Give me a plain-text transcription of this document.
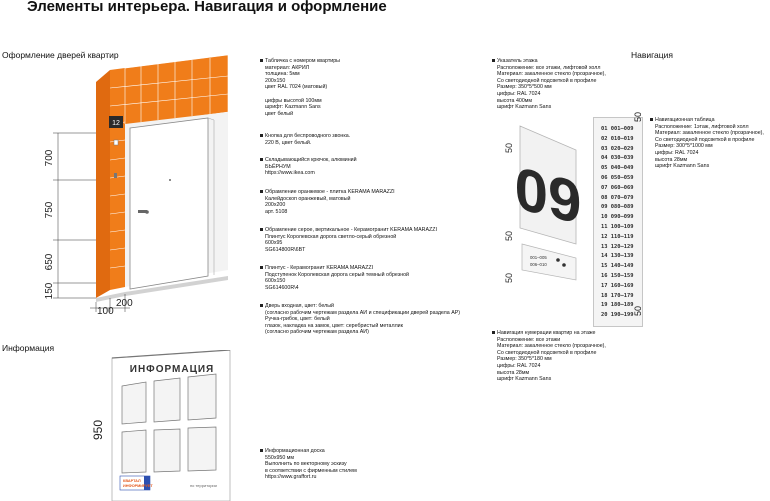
Элементы интерьера. Навигация и оформление
Оформление дверей квартир
Информация
Навигация
12
700
750
650
150
200
100
ИНФОРМАЦИЯ
по территории
КВАРТАЛ
ИНФОРМИРУЕТ
950
09
001–005
006–010
50
50
50
01 001–009
02 010–019
03 020–029
04 030–039
05 040–049
06 050–059
07 060–069
08 070–079
09 080–089
10 090–099
11 100–109
12 110–119
13 120–129
14 130–139
15 140–149
16 150–159
17 160–169
18 170–179
19 180–189
20 190–199
50
50
Табличка с номером квартиры
материал: АКРИЛ
толщина: 5мм
200х150
цвет RAL 7024 (матовый)

цифры высотой 100мм
шрифт: Kazmann Sans
цвет белый
Кнопка для беспроводного звонка.
220 В, цвет белый.
Складывающийся крючок, алюминий
БЬЁРНУМ
https://www.ikea.com
Обрамление оранжевое - плитка KERAMA MARAZZI
Калейдоскоп оранжевый, матовый
200х200
арт. 5108
Обрамление серое, вертикальное - Керамогранит KERAMA MARAZZI
Плинтус Королевская дорога светло-серый обрезной
600х95
SG614800R\6BT
Плинтус - Керамогранит KERAMA MARAZZI
Подступенок Королевская дорога серый темный обрезной
600х150
SG614600R\4
Дверь входная, цвет: белый
(согласно рабочим чертежам раздела АИ и спецификации дверей раздела АР)
Ручка-грибок, цвет: белый
глазок, накладка на замок, цвет: серебристый металлик
(согласно рабочим чертежам раздела АИ)
Информационная доска
550х950 мм
Выполнить по векторному эскизу
в соответствии с фирменным стилем
https://www.graffort.ru
Указатель этажа
Расположение: все этажи, лифтовой холл
Материал: закаленное стекло (прозрачное),
Со светодиодной подсветкой в профиле
Размер: 350*5*500 мм
цифры: RAL 7024
высота 400мм
шрифт Kazmann Sans
Навигационная таблица
Расположение: 1этаж, лифтовой холл
Материал: закаленное стекло (прозрачное),
Со светодиодной подсветкой в профиле
Размер: 300*5*1000 мм
цифры: RAL 7024
высота 28мм
шрифт Kazmann Sans
Навигация нумерации квартир на этаже
Расположение: все этажи
Материал: закаленное стекло (прозрачное),
Со светодиодной подсветкой в профиле
Размер: 350*5*180 мм
цифры: RAL 7024
высота 28мм
шрифт Kazmann Sans
